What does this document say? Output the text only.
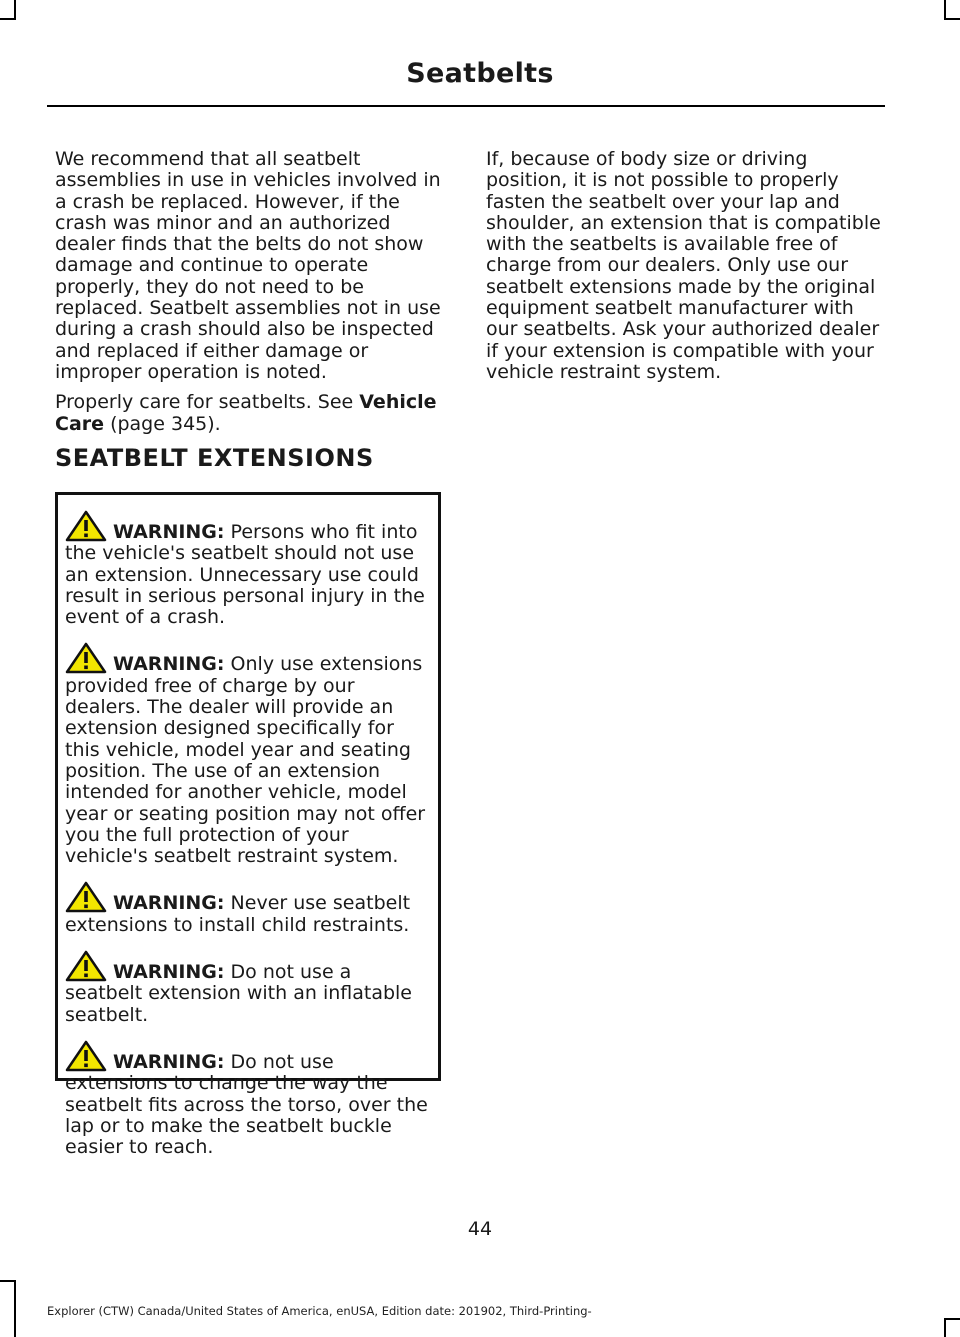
Seatbelts

We recommend that all seatbelt assemblies in use in vehicles involved in a crash be replaced. However, if the crash was minor and an authorized dealer finds that the belts do not show damage and continue to operate properly, they do not need to be replaced. Seatbelt assemblies not in use during a crash should also be inspected and replaced if either damage or improper operation is noted.

Properly care for seatbelts. See Vehicle Care (page 345).

SEATBELT EXTENSIONS

WARNING: Persons who fit into the vehicle's seatbelt should not use an extension. Unnecessary use could result in serious personal injury in the event of a crash.

WARNING: Only use extensions provided free of charge by our dealers. The dealer will provide an extension designed specifically for this vehicle, model year and seating position. The use of an extension intended for another vehicle, model year or seating position may not offer you the full protection of your vehicle's seatbelt restraint system.

WARNING: Never use seatbelt extensions to install child restraints.

WARNING: Do not use a seatbelt extension with an inflatable seatbelt.

WARNING: Do not use extensions to change the way the seatbelt fits across the torso, over the lap or to make the seatbelt buckle easier to reach.

If, because of body size or driving position, it is not possible to properly fasten the seatbelt over your lap and shoulder, an extension that is compatible with the seatbelts is available free of charge from our dealers. Only use our seatbelt extensions made by the original equipment seatbelt manufacturer with our seatbelts. Ask your authorized dealer if your extension is compatible with your vehicle restraint system.

44
Explorer (CTW) Canada/United States of America, enUSA, Edition date: 201902, Third-Printing-
